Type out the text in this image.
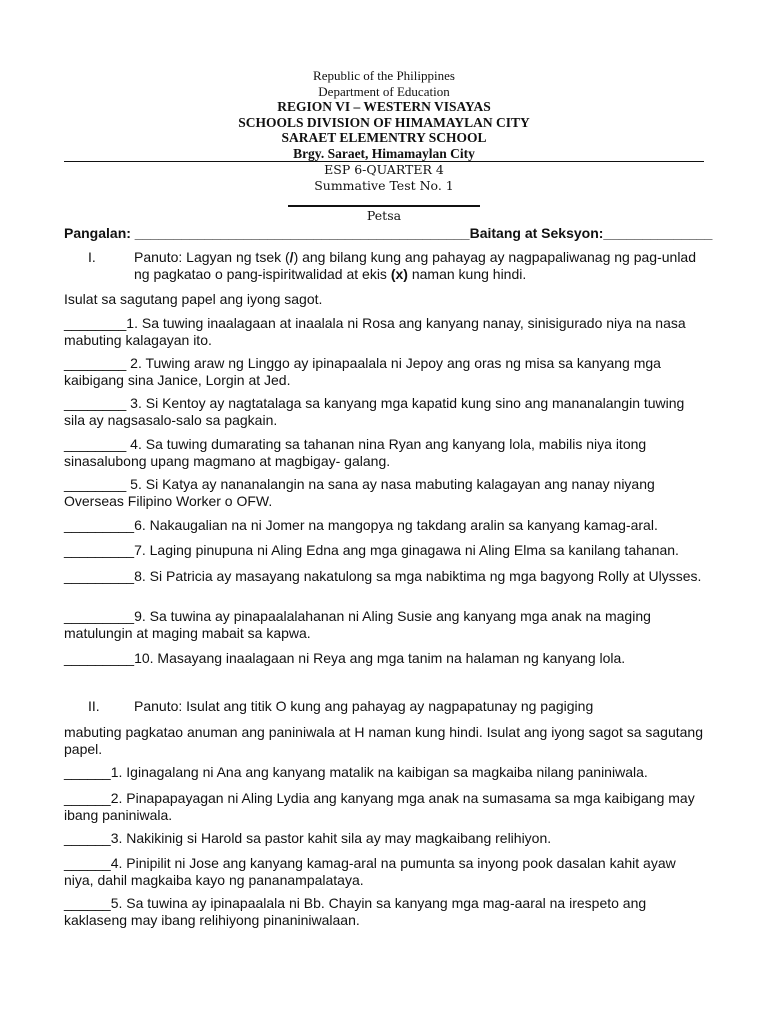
Republic of the Philippines
Department of Education
REGION VI – WESTERN VISAYAS
SCHOOLS DIVISION OF HIMAMAYLAN CITY
SARAET ELEMENTRY SCHOOL
Brgy. Saraet, Himamaylan City
ESP 6-QUARTER 4
Summative Test No. 1
Petsa
Pangalan: ___________________________________________Baitang at Seksyon:______________
I.	Panuto: Lagyan ng tsek (/) ang bilang kung ang pahayag ay nagpapaliwanag ng pag-unlad ng pagkatao o pang-ispiritwalidad at ekis (x) naman kung hindi.

Isulat sa sagutang papel ang iyong sagot.

________1. Sa tuwing inaalagaan at inaalala ni Rosa ang kanyang nanay, sinisigurado niya na nasa mabuting kalagayan ito.

________ 2. Tuwing araw ng Linggo ay ipinapaalala ni Jepoy ang oras ng misa sa kanyang mga kaibigang sina Janice, Lorgin at Jed.

________ 3. Si Kentoy ay nagtatalaga sa kanyang mga kapatid kung sino ang mananalangin tuwing sila ay nagsasalo-salo sa pagkain.

________ 4. Sa tuwing dumarating sa tahanan nina Ryan ang kanyang lola, mabilis niya itong sinasalubong upang magmano at magbigay- galang.

________ 5. Si Katya ay nananalangin na sana ay nasa mabuting kalagayan ang nanay niyang Overseas Filipino Worker o OFW.

_________6. Nakaugalian na ni Jomer na mangopya ng takdang aralin sa kanyang kamag-aral.

_________7. Laging pinupuna ni Aling Edna ang mga ginagawa ni Aling Elma sa kanilang tahanan.

_________8. Si Patricia ay masayang nakatulong sa mga nabiktima ng mga bagyong Rolly at Ulysses.

_________9. Sa tuwina ay pinapaalalahanan ni Aling Susie ang kanyang mga anak na maging matulungin at maging mabait sa kapwa.

_________10. Masayang inaalagaan ni Reya ang mga tanim na halaman ng kanyang lola.

II. Panuto: Isulat ang titik O kung ang pahayag ay nagpapatunay ng pagiging

mabuting pagkatao anuman ang paniniwala at H naman kung hindi. Isulat ang iyong sagot sa sagutang papel.

______1. Iginagalang ni Ana ang kanyang matalik na kaibigan sa magkaiba nilang paniniwala.

______2. Pinapapayagan ni Aling Lydia ang kanyang mga anak na sumasama sa mga kaibigang may ibang paniniwala.

______3. Nakikinig si Harold sa pastor kahit sila ay may magkaibang relihiyon.

______4. Pinipilit ni Jose ang kanyang kamag-aral na pumunta sa inyong pook dasalan kahit ayaw niya, dahil magkaiba kayo ng pananampalataya.

______5. Sa tuwina ay ipinapaalala ni Bb. Chayin sa kanyang mga mag-aaral na irespeto ang kaklaseng may ibang relihiyong pinaniniwalaan.
